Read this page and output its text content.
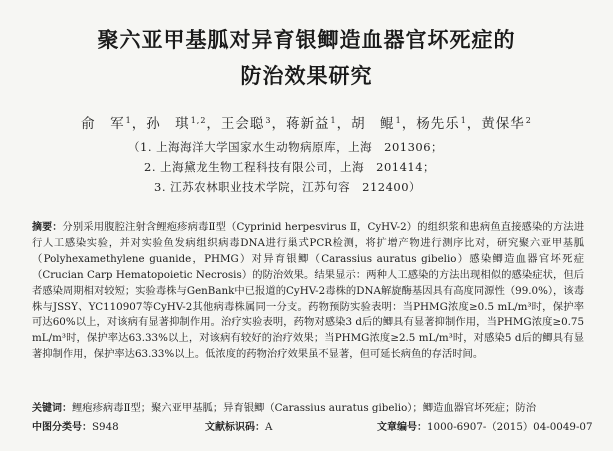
聚六亚甲基胍对异育银鲫造血器官坏死症的
防治效果研究
俞　军$^1$，孙　琪$^{1,2}$，王会聪$^3$，蒋新益$^1$，胡　鲲$^1$，杨先乐$^1$，黄保华$^2$
（1. 上海海洋大学国家水生动物病原库，上海　201306；
2. 上海黛龙生物工程科技有限公司，上海　201414；
3. 江苏农林职业技术学院，江苏句容　212400）
摘要：分别采用腹腔注射含鲤疱疹病毒Ⅱ型（Cyprinid herpesvirus Ⅱ，CyHV-2）的组织浆和患病鱼直接感染的方法进行人工感染实验，并对实验鱼发病组织病毒DNA进行巢式PCR检测，将扩增产物进行测序比对，研究聚六亚甲基胍（Polyhexamethylene guanide，PHMG）对异育银鲫（Carassius auratus gibelio）感染鲫造血器官坏死症（Crucian Carp Hematopoietic Necrosis）的防治效果。结果显示：两种人工感染的方法出现相似的感染症状，但后者感染周期相对较短；实验毒株与GenBank中已报道的CyHV-2毒株的DNA解旋酶基因具有高度同源性（99.0%），该毒株与JSSY、YC110907等CyHV-2其他病毒株属同一分支。药物预防实验表明：当PHMG浓度≥0.5 mL/m³时，保护率可达60%以上，对该病有显著抑制作用。治疗实验表明，药物对感染3 d后的鲫具有显著抑制作用，当PHMG浓度≥0.75 mL/m³时，保护率达63.33%以上，对该病有较好的治疗效果；当PHMG浓度≥2.5 mL/m³时，对感染5 d后的鲫具有显著抑制作用，保护率达63.33%以上。低浓度的药物治疗效果虽不显著，但可延长病鱼的存活时间。
关键词：鲤疱疹病毒Ⅱ型；聚六亚甲基胍；异育银鲫（Carassius auratus gibelio）；鲫造血器官坏死症；防治
中图分类号：S948	文献标识码：A	文章编号：1000-6907-（2015）04-0049-07
